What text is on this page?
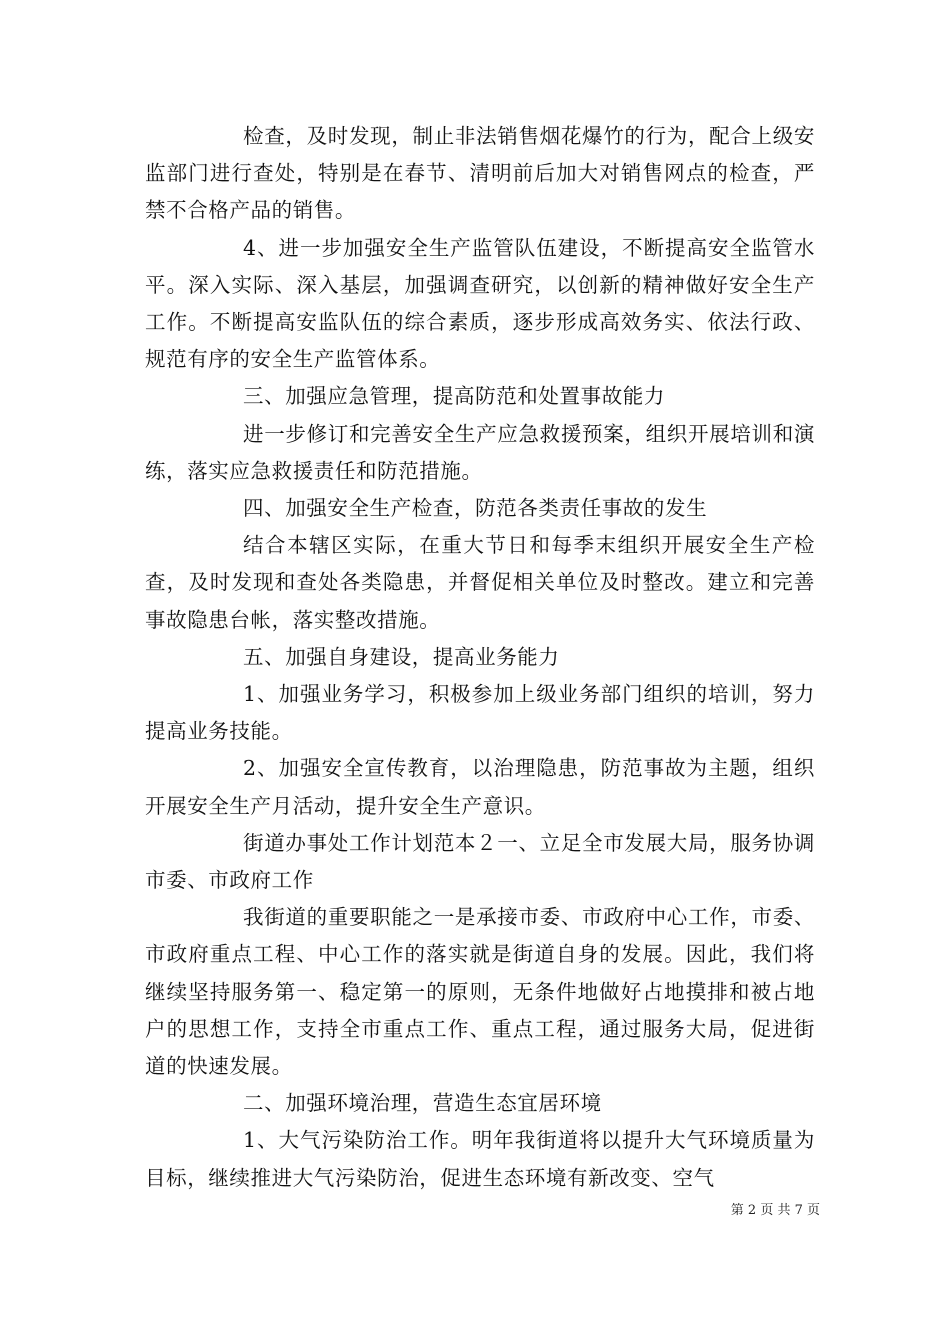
检查，及时发现，制止非法销售烟花爆竹的行为，配合上级安监部门进行查处，特别是在春节、清明前后加大对销售网点的检查，严禁不合格产品的销售。

4、进一步加强安全生产监管队伍建设，不断提高安全监管水平。深入实际、深入基层，加强调查研究，以创新的精神做好安全生产工作。不断提高安监队伍的综合素质，逐步形成高效务实、依法行政、规范有序的安全生产监管体系。

三、加强应急管理，提高防范和处置事故能力

进一步修订和完善安全生产应急救援预案，组织开展培训和演练，落实应急救援责任和防范措施。

四、加强安全生产检查，防范各类责任事故的发生

结合本辖区实际，在重大节日和每季末组织开展安全生产检查，及时发现和查处各类隐患，并督促相关单位及时整改。建立和完善事故隐患台帐，落实整改措施。

五、加强自身建设，提高业务能力

1、加强业务学习，积极参加上级业务部门组织的培训，努力提高业务技能。

2、加强安全宣传教育，以治理隐患，防范事故为主题，组织开展安全生产月活动，提升安全生产意识。

街道办事处工作计划范本２一、立足全市发展大局，服务协调市委、市政府工作

我街道的重要职能之一是承接市委、市政府中心工作，市委、市政府重点工程、中心工作的落实就是街道自身的发展。因此，我们将继续坚持服务第一、稳定第一的原则，无条件地做好占地摸排和被占地户的思想工作，支持全市重点工作、重点工程，通过服务大局，促进街道的快速发展。

二、加强环境治理，营造生态宜居环境

1、大气污染防治工作。明年我街道将以提升大气环境质量为目标，继续推进大气污染防治，促进生态环境有新改变、空气

第 2 页 共 7 页
